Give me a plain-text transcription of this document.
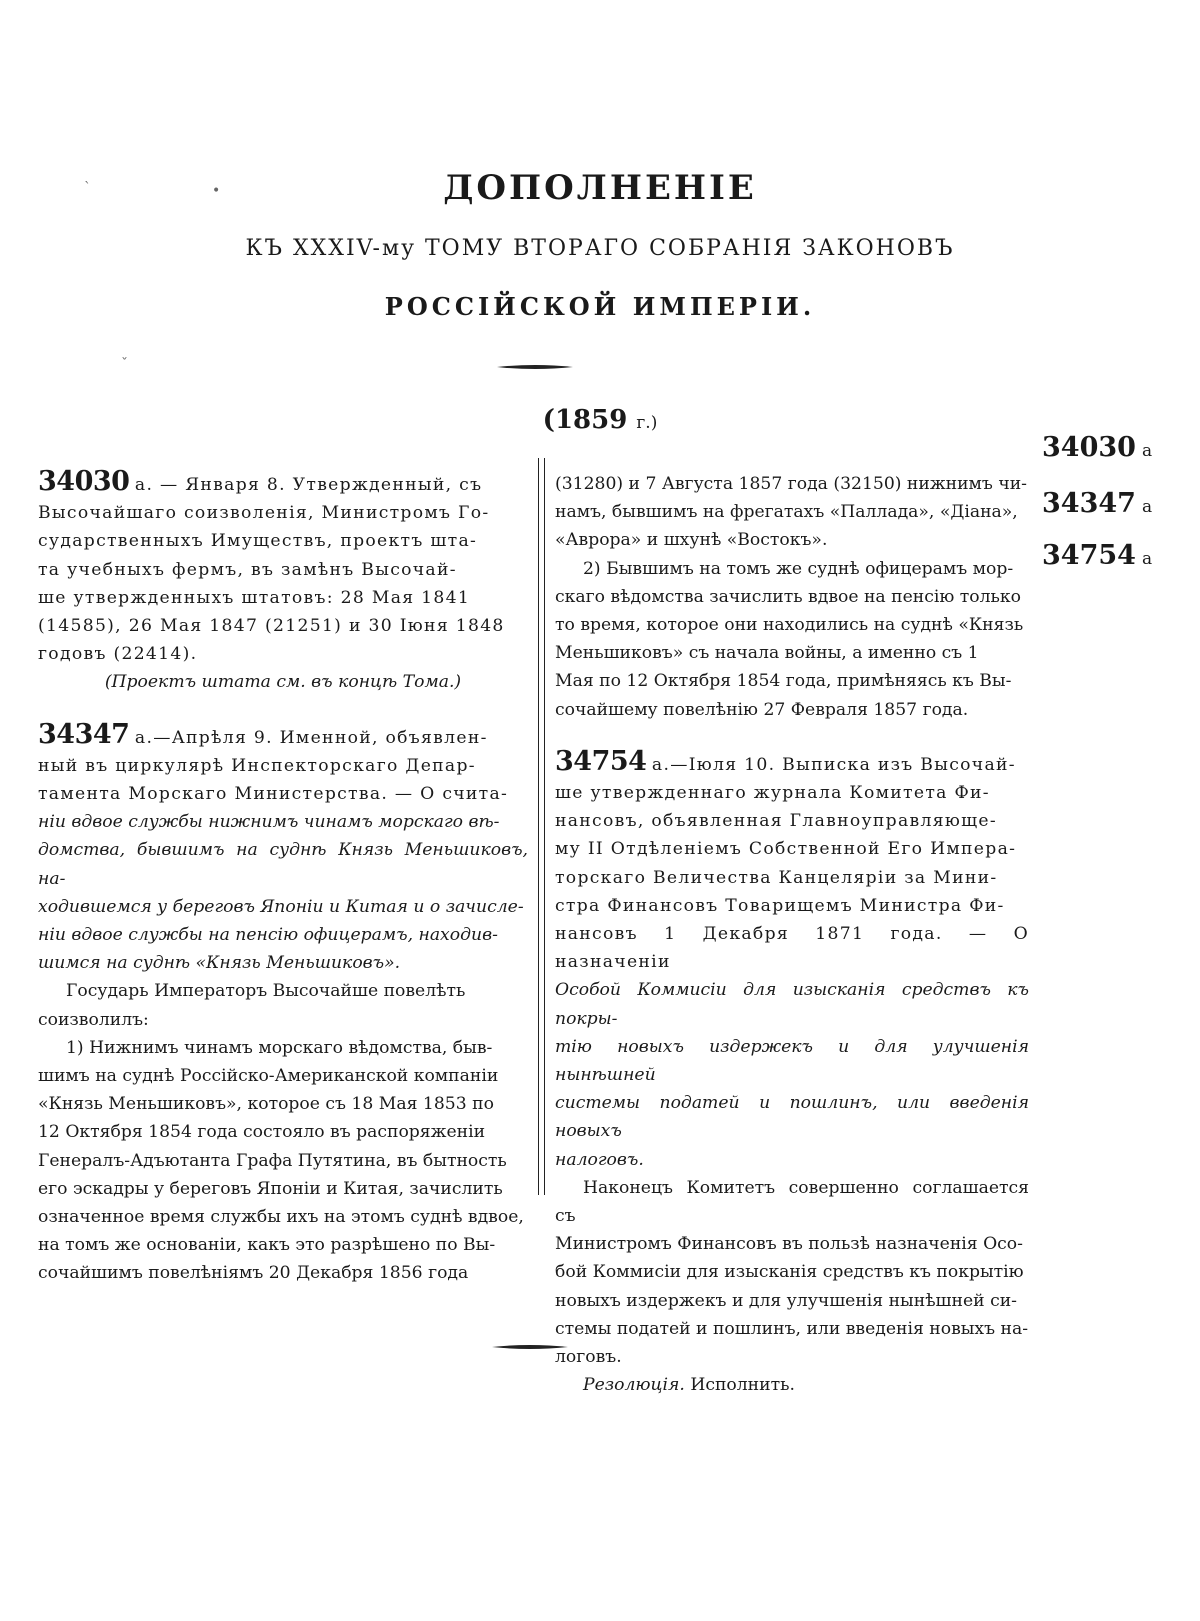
ˋ	•
ˇ
ДОПОЛНЕНІЕ
КЪ XXXIV-му ТОМУ ВТОРАГО СОБРАНІЯ ЗАКОНОВЪ
РОССІЙСКОЙ ИМПЕРІИ.
(1859 г.)

34030 а. — Января 8. Утвержденный, съ

Высочайшаго соизволенія, Министромъ Го-

сударственныхъ Имуществъ, проектъ шта-

та учебныхъ фермъ, въ замѣнъ Высочай-

ше утвержденныхъ штатовъ: 28 Мая 1841

(14585), 26 Мая 1847 (21251) и 30 Іюня 1848

годовъ (22414).

(Проектъ штата см. въ концѣ Тома.)

34347 а.—Апрѣля 9. Именной, объявлен-

ный въ циркулярѣ Инспекторскаго Депар-

тамента Морскаго Министерства. — О счита-

ніи вдвое службы нижнимъ чинамъ морскаго вѣ-

домства, бывшимъ на суднѣ Князь Меньшиковъ, на-

ходившемся у береговъ Японіи и Китая и о зачисле-

ніи вдвое службы на пенсію офицерамъ, находив-

шимся на суднѣ «Князь Меньшиковъ».

Государь Императоръ Высочайше повелѣть

соизволилъ:

1) Нижнимъ чинамъ морскаго вѣдомства, быв-

шимъ на суднѣ Россійско-Американской компаніи

«Князь Меньшиковъ», которое съ 18 Мая 1853 по

12 Октября 1854 года состояло въ распоряженіи

Генералъ-Адъютанта Графа Путятина, въ бытность

его эскадры у береговъ Японіи и Китая, зачислить

означенное время службы ихъ на этомъ суднѣ вдвое,

на томъ же основаніи, какъ это разрѣшено по Вы-

сочайшимъ повелѣніямъ 20 Декабря 1856 года

(31280) и 7 Августа 1857 года (32150) нижнимъ чи-

намъ, бывшимъ на фрегатахъ «Паллада», «Діана»,

«Аврора» и шхунѣ «Востокъ».

2) Бывшимъ на томъ же суднѣ офицерамъ мор-

скаго вѣдомства зачислить вдвое на пенсію только

то время, которое они находились на суднѣ «Князь

Меньшиковъ» съ начала войны, а именно съ 1

Мая по 12 Октября 1854 года, примѣняясь къ Вы-

сочайшему повелѣнію 27 Февраля 1857 года.

34754 а.—Іюля 10. Выписка изъ Высочай-

ше утвержденнаго журнала Комитета Фи-

нансовъ, объявленная Главноуправляюще-

му II Отдѣленіемъ Собственной Его Импера-

торскаго Величества Канцеляріи за Мини-

стра Финансовъ Товарищемъ Министра Фи-

нансовъ 1 Декабря 1871 года. — О назначеніи

Особой Коммисіи для изысканія средствъ къ покры-

тію новыхъ издержекъ и для улучшенія нынѣшней

системы податей и пошлинъ, или введенія новыхъ

налоговъ.

Наконецъ Комитетъ совершенно соглашается съ

Министромъ Финансовъ въ пользѣ назначенія Осо-

бой Коммисіи для изысканія средствъ къ покрытію

новыхъ издержекъ и для улучшенія нынѣшней си-

стемы податей и пошлинъ, или введенія новыхъ на-

логовъ.

Резолюція. Исполнить.

34030 а
34347 а
34754 а
